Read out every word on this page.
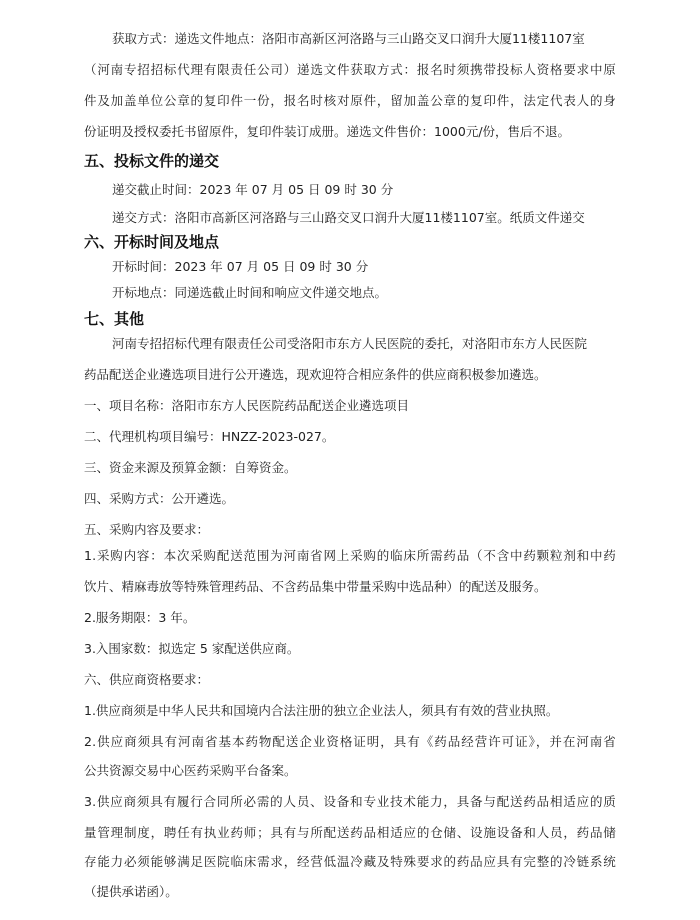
获取方式：递选文件地点：洛阳市高新区河洛路与三山路交叉口润升大厦11楼1107室
（河南专招招标代理有限责任公司）递选文件获取方式：报名时须携带投标人资格要求中原
件及加盖单位公章的复印件一份，报名时核对原件，留加盖公章的复印件，法定代表人的身
份证明及授权委托书留原件，复印件装订成册。递选文件售价：1000元/份，售后不退。
五、投标文件的递交
递交截止时间：2023 年 07 月 05 日 09 时 30 分
递交方式：洛阳市高新区河洛路与三山路交叉口润升大厦11楼1107室。纸质文件递交
六、开标时间及地点
开标时间：2023 年 07 月 05 日 09 时 30 分
开标地点：同递选截止时间和响应文件递交地点。
七、其他
河南专招招标代理有限责任公司受洛阳市东方人民医院的委托，对洛阳市东方人民医院
药品配送企业遴选项目进行公开遴选，现欢迎符合相应条件的供应商积极参加遴选。
一、项目名称：洛阳市东方人民医院药品配送企业遴选项目
二、代理机构项目编号：HNZZ-2023-027。
三、资金来源及预算金额：自筹资金。
四、采购方式：公开遴选。
五、采购内容及要求：
1.采购内容：本次采购配送范围为河南省网上采购的临床所需药品（不含中药颗粒剂和中药
饮片、精麻毒放等特殊管理药品、不含药品集中带量采购中选品种）的配送及服务。
2.服务期限：3 年。
3.入围家数：拟选定 5 家配送供应商。
六、供应商资格要求：
1.供应商须是中华人民共和国境内合法注册的独立企业法人，须具有有效的营业执照。
2.供应商须具有河南省基本药物配送企业资格证明，具有《药品经营许可证》，并在河南省
公共资源交易中心医药采购平台备案。
3.供应商须具有履行合同所必需的人员、设备和专业技术能力，具备与配送药品相适应的质
量管理制度，聘任有执业药师；具有与所配送药品相适应的仓储、设施设备和人员，药品储
存能力必须能够满足医院临床需求，经营低温冷藏及特殊要求的药品应具有完整的冷链系统
（提供承诺函）。
